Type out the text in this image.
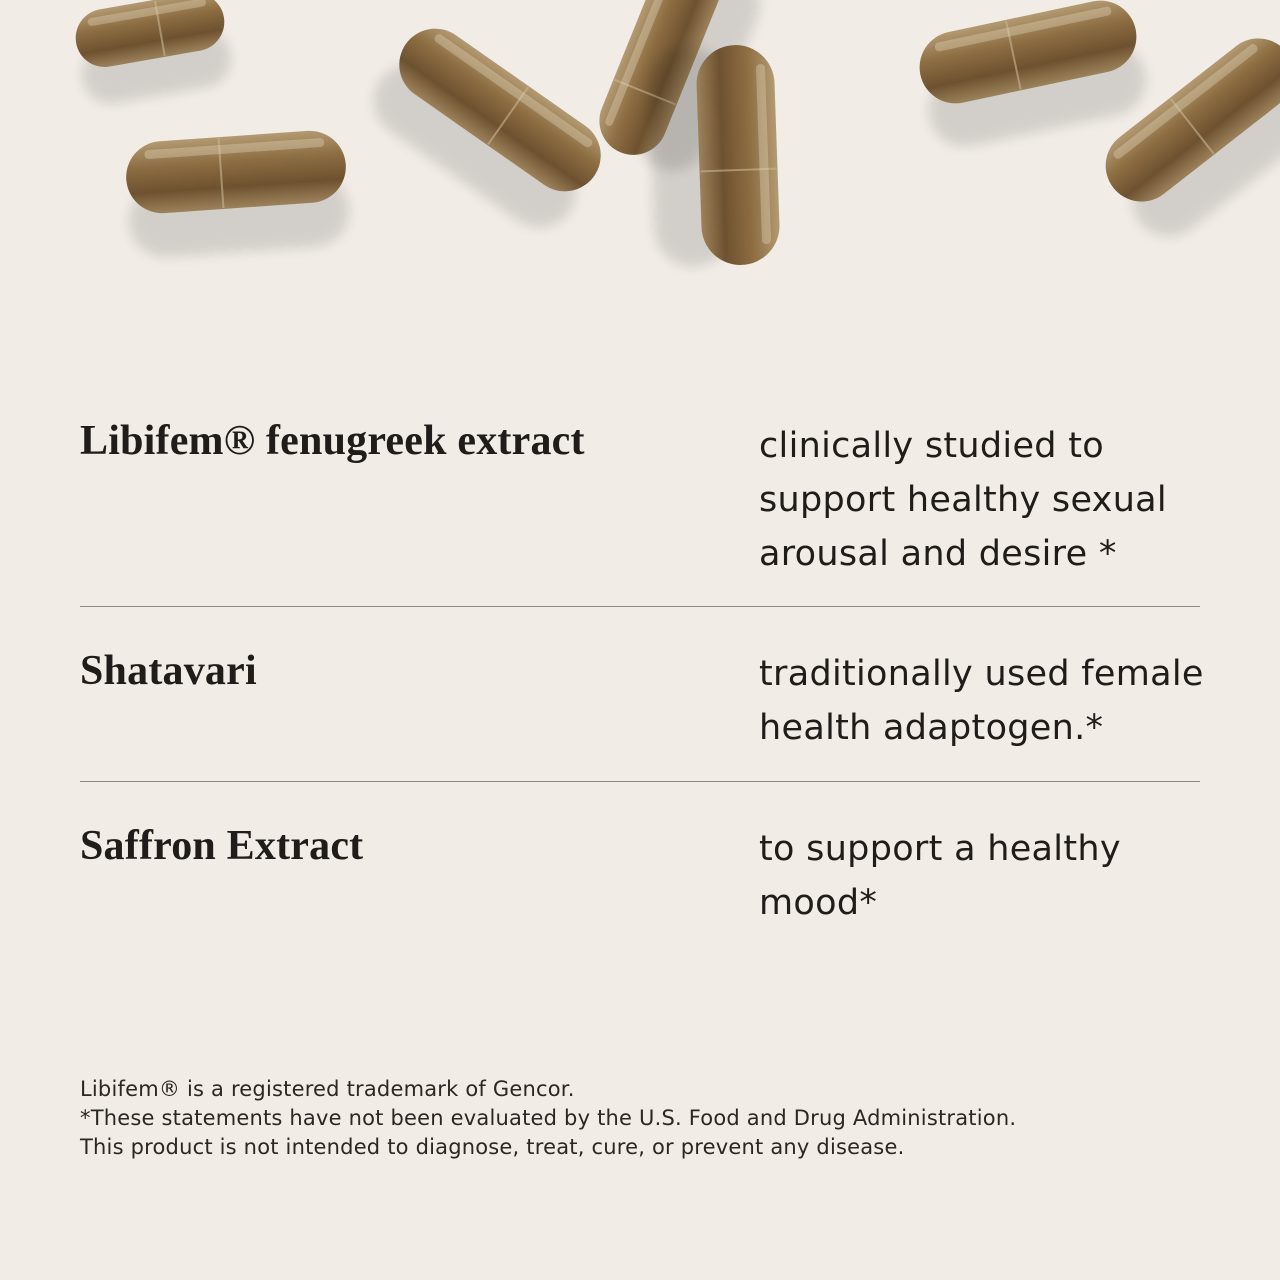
Libifem® fenugreek extract	clinically studied to support healthy sexual arousal and desire *
Shatavari	traditionally used female health adaptogen.*
Saffron Extract	to support a healthy mood*
Libifem® is a registered trademark of Gencor.
*These statements have not been evaluated by the U.S. Food and Drug Administration.
This product is not intended to diagnose, treat, cure, or prevent any disease.
